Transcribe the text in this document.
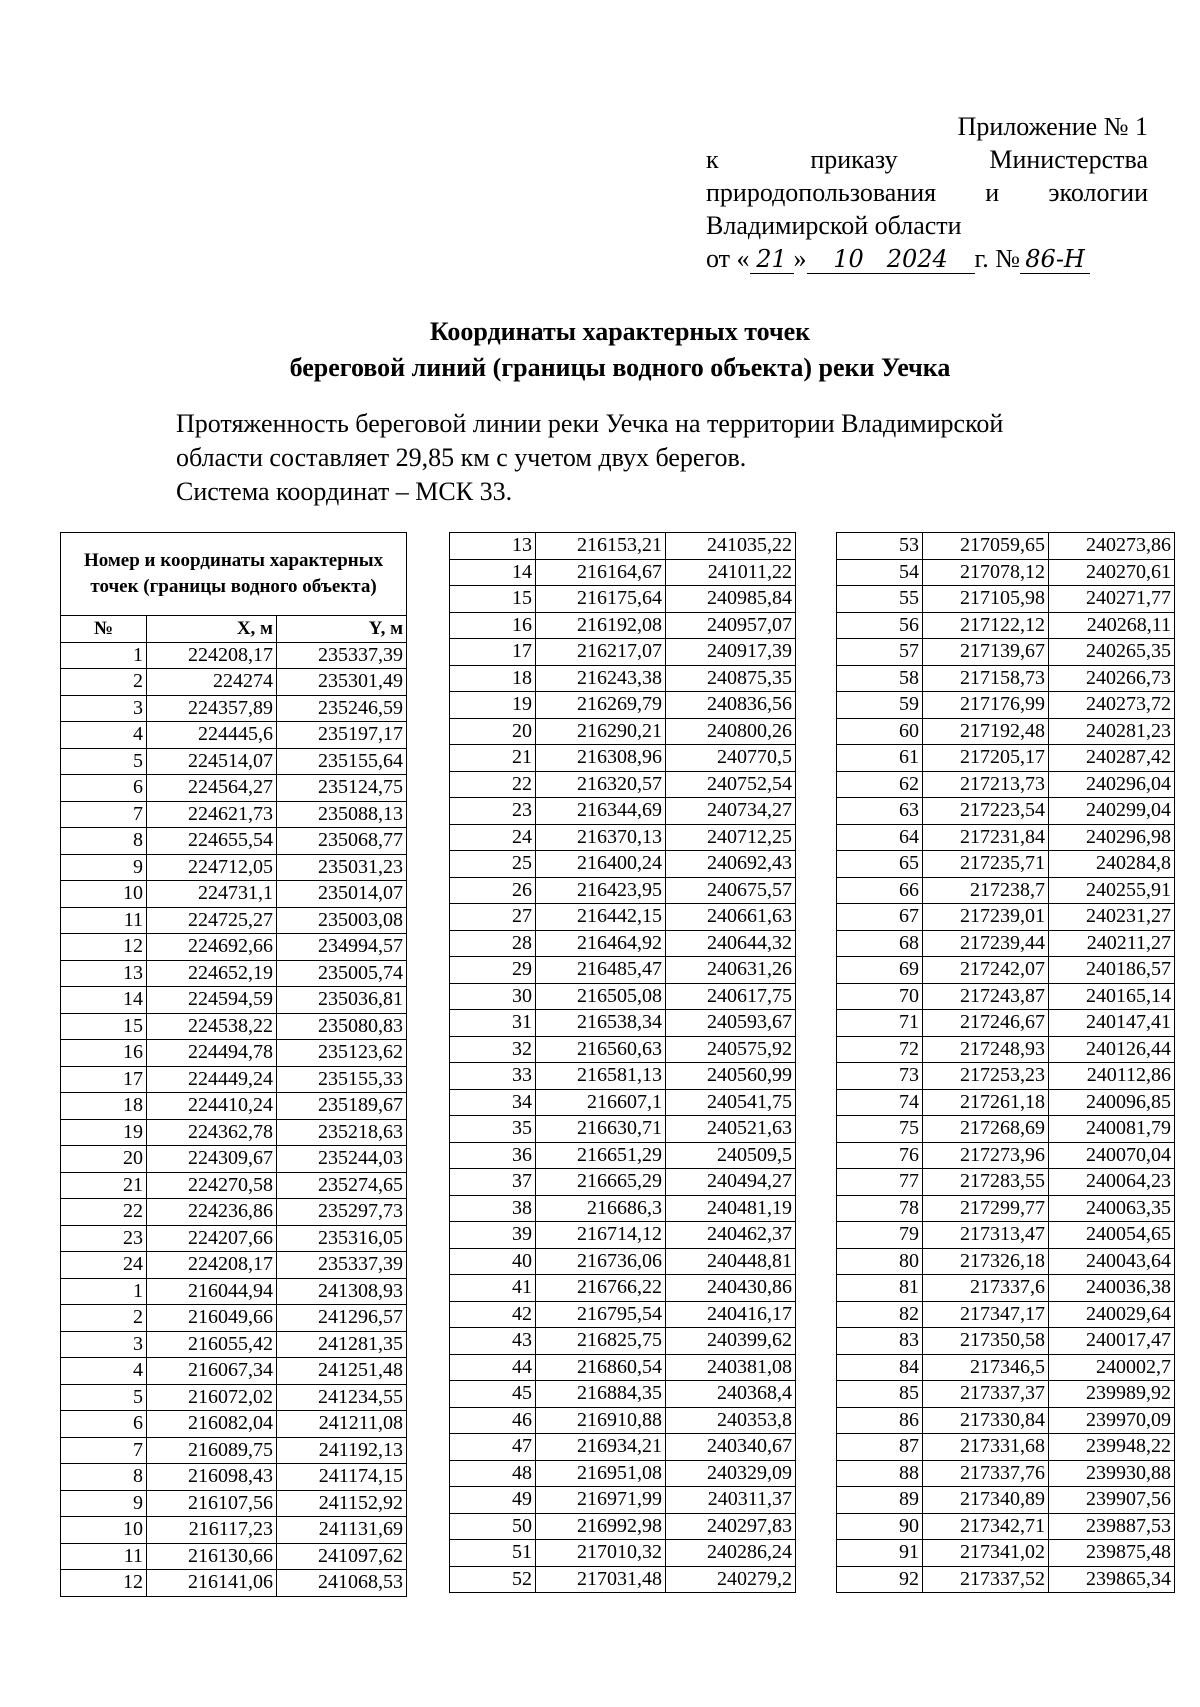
Приложение № 1
к	приказу	Министерства
природопользования и экологии
Владимирской области
от « 21 » 10 2024 г. № 86-Н
Координаты характерных точек
береговой линий (границы водного объекта) реки Уечка
Протяженность береговой линии реки Уечка на территории Владимирской
области составляет 29,85 км с учетом двух берегов.
Система координат – МСК 33.
Номер и координаты характерных точек (границы водного объекта)		
№	X, м	Y, м
1	224208,17	235337,39
2	224274	235301,49
3	224357,89	235246,59
4	224445,6	235197,17
5	224514,07	235155,64
6	224564,27	235124,75
7	224621,73	235088,13
8	224655,54	235068,77
9	224712,05	235031,23
10	224731,1	235014,07
11	224725,27	235003,08
12	224692,66	234994,57
13	224652,19	235005,74
14	224594,59	235036,81
15	224538,22	235080,83
16	224494,78	235123,62
17	224449,24	235155,33
18	224410,24	235189,67
19	224362,78	235218,63
20	224309,67	235244,03
21	224270,58	235274,65
22	224236,86	235297,73
23	224207,66	235316,05
24	224208,17	235337,39
1	216044,94	241308,93
2	216049,66	241296,57
3	216055,42	241281,35
4	216067,34	241251,48
5	216072,02	241234,55
6	216082,04	241211,08
7	216089,75	241192,13
8	216098,43	241174,15
9	216107,56	241152,92
10	216117,23	241131,69
11	216130,66	241097,62
12	216141,06	241068,53
13	216153,21	241035,22
14	216164,67	241011,22
15	216175,64	240985,84
16	216192,08	240957,07
17	216217,07	240917,39
18	216243,38	240875,35
19	216269,79	240836,56
20	216290,21	240800,26
21	216308,96	240770,5
22	216320,57	240752,54
23	216344,69	240734,27
24	216370,13	240712,25
25	216400,24	240692,43
26	216423,95	240675,57
27	216442,15	240661,63
28	216464,92	240644,32
29	216485,47	240631,26
30	216505,08	240617,75
31	216538,34	240593,67
32	216560,63	240575,92
33	216581,13	240560,99
34	216607,1	240541,75
35	216630,71	240521,63
36	216651,29	240509,5
37	216665,29	240494,27
38	216686,3	240481,19
39	216714,12	240462,37
40	216736,06	240448,81
41	216766,22	240430,86
42	216795,54	240416,17
43	216825,75	240399,62
44	216860,54	240381,08
45	216884,35	240368,4
46	216910,88	240353,8
47	216934,21	240340,67
48	216951,08	240329,09
49	216971,99	240311,37
50	216992,98	240297,83
51	217010,32	240286,24
52	217031,48	240279,2
53	217059,65	240273,86
54	217078,12	240270,61
55	217105,98	240271,77
56	217122,12	240268,11
57	217139,67	240265,35
58	217158,73	240266,73
59	217176,99	240273,72
60	217192,48	240281,23
61	217205,17	240287,42
62	217213,73	240296,04
63	217223,54	240299,04
64	217231,84	240296,98
65	217235,71	240284,8
66	217238,7	240255,91
67	217239,01	240231,27
68	217239,44	240211,27
69	217242,07	240186,57
70	217243,87	240165,14
71	217246,67	240147,41
72	217248,93	240126,44
73	217253,23	240112,86
74	217261,18	240096,85
75	217268,69	240081,79
76	217273,96	240070,04
77	217283,55	240064,23
78	217299,77	240063,35
79	217313,47	240054,65
80	217326,18	240043,64
81	217337,6	240036,38
82	217347,17	240029,64
83	217350,58	240017,47
84	217346,5	240002,7
85	217337,37	239989,92
86	217330,84	239970,09
87	217331,68	239948,22
88	217337,76	239930,88
89	217340,89	239907,56
90	217342,71	239887,53
91	217341,02	239875,48
92	217337,52	239865,34
